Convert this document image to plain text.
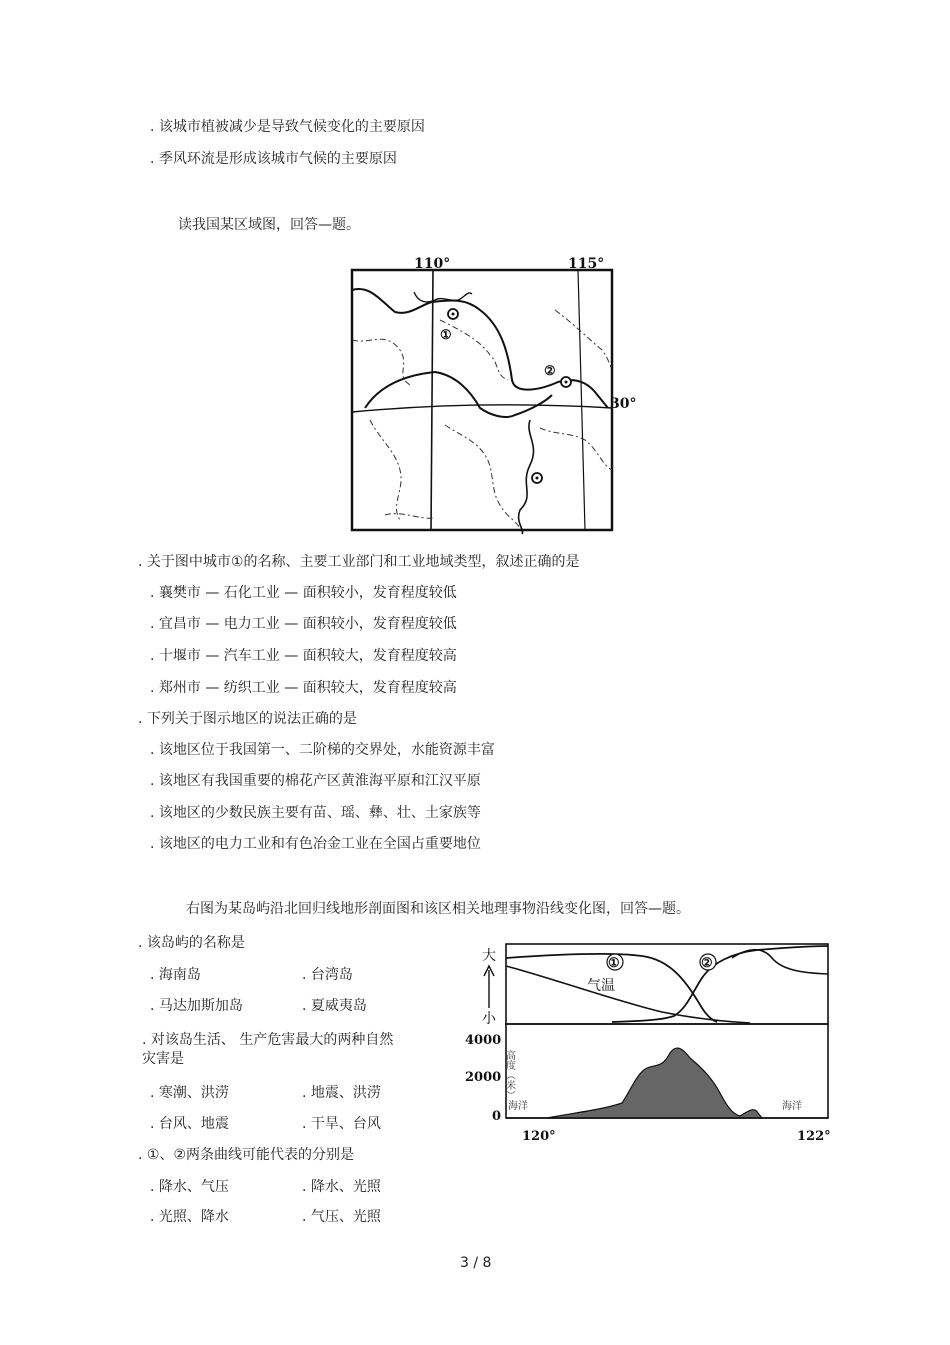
. 该城市植被减少是导致气候变化的主要原因
. 季风环流是形成该城市气候的主要原因
读我国某区域图，回答—题。
110°	115°
30°
①
②
. 关于图中城市①的名称、主要工业部门和工业地域类型，叙述正确的是
. 襄樊市 — 石化工业 — 面积较小，发育程度较低
. 宜昌市 — 电力工业 — 面积较小，发育程度较低
. 十堰市 — 汽车工业 — 面积较大，发育程度较高
. 郑州市 — 纺织工业 — 面积较大，发育程度较高
. 下列关于图示地区的说法正确的是
. 该地区位于我国第一、二阶梯的交界处，水能资源丰富
. 该地区有我国重要的棉花产区黄淮海平原和江汉平原
. 该地区的少数民族主要有苗、瑶、彝、壮、土家族等
. 该地区的电力工业和有色冶金工业在全国占重要地位
右图为某岛屿沿北回归线地形剖面图和该区相关地理事物沿线变化图，回答—题。
. 该岛屿的名称是
. 海南岛	. 台湾岛
. 马达加斯加岛	. 夏威夷岛
. 对该岛生活、 生产危害最大的两种自然
灾害是
. 寒潮、洪涝	. 地震、洪涝
. 台风、地震	. 干旱、台风
. ①、②两条曲线可能代表的分别是
. 降水、气压	. 降水、光照
. 光照、降水	. 气压、光照
大
小
①	②
气温
4000
2000
0
高度（米）
海洋	海洋
120°	122°
3 / 8
